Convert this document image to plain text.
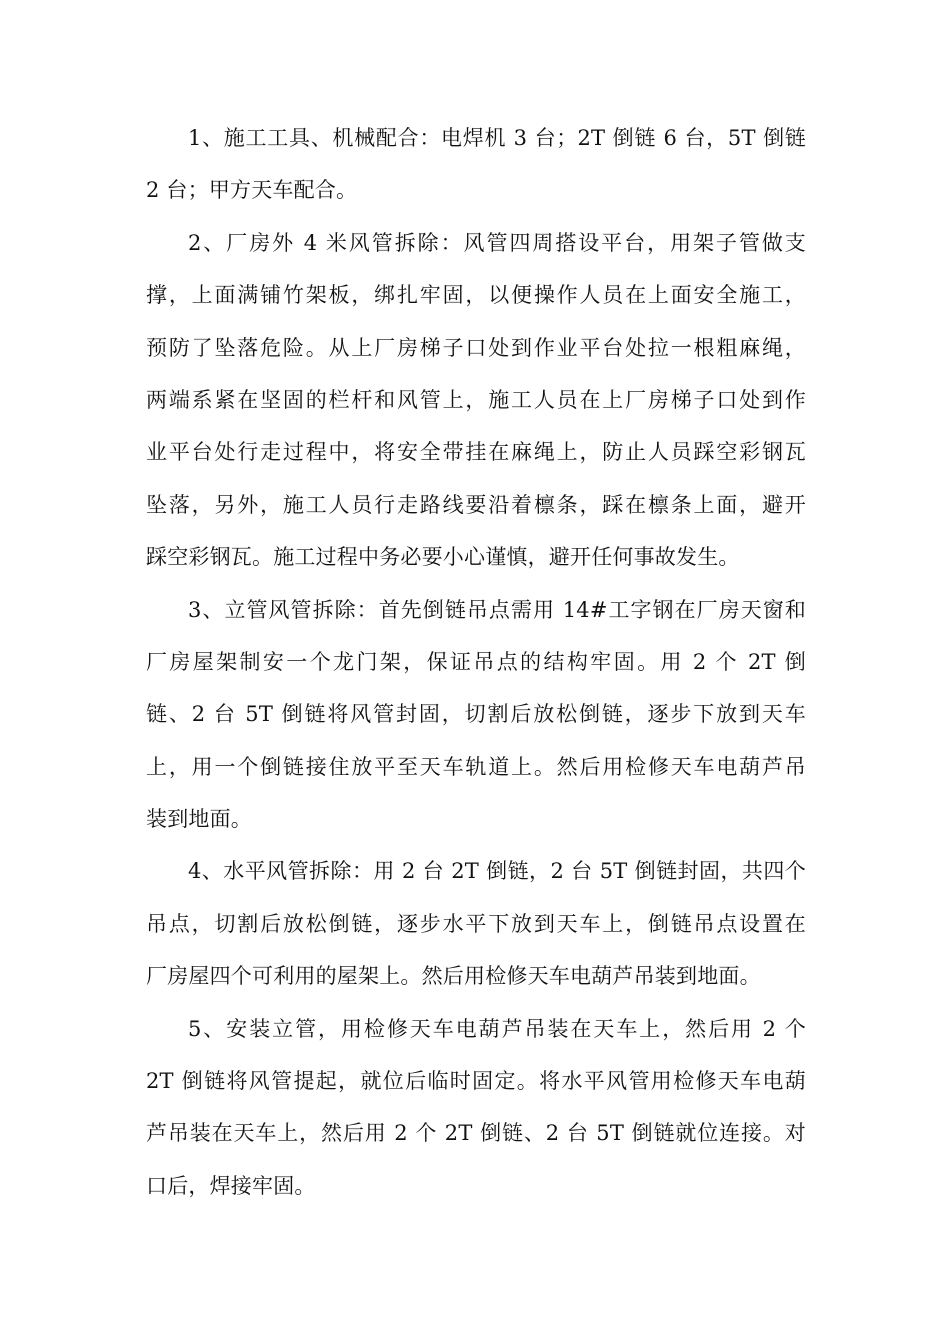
1、施工工具、机械配合：电焊机 3 台；2T 倒链 6 台，5T 倒链
2 台；甲方天车配合。
2、厂房外 4 米风管拆除：风管四周搭设平台，用架子管做支
撑，上面满铺竹架板，绑扎牢固，以便操作人员在上面安全施工，
预防了坠落危险。从上厂房梯子口处到作业平台处拉一根粗麻绳，
两端系紧在坚固的栏杆和风管上，施工人员在上厂房梯子口处到作
业平台处行走过程中，将安全带挂在麻绳上，防止人员踩空彩钢瓦
坠落，另外，施工人员行走路线要沿着檩条，踩在檩条上面，避开
踩空彩钢瓦。施工过程中务必要小心谨慎，避开任何事故发生。
3、立管风管拆除：首先倒链吊点需用 14#工字钢在厂房天窗和
厂房屋架制安一个龙门架，保证吊点的结构牢固。用 2 个 2T 倒
链、2 台 5T 倒链将风管封固，切割后放松倒链，逐步下放到天车
上，用一个倒链接住放平至天车轨道上。然后用检修天车电葫芦吊
装到地面。
4、水平风管拆除：用 2 台 2T 倒链，2 台 5T 倒链封固，共四个
吊点，切割后放松倒链，逐步水平下放到天车上，倒链吊点设置在
厂房屋四个可利用的屋架上。然后用检修天车电葫芦吊装到地面。
5、安装立管，用检修天车电葫芦吊装在天车上，然后用 2 个
2T 倒链将风管提起，就位后临时固定。将水平风管用检修天车电葫
芦吊装在天车上，然后用 2 个 2T 倒链、2 台 5T 倒链就位连接。对
口后，焊接牢固。
